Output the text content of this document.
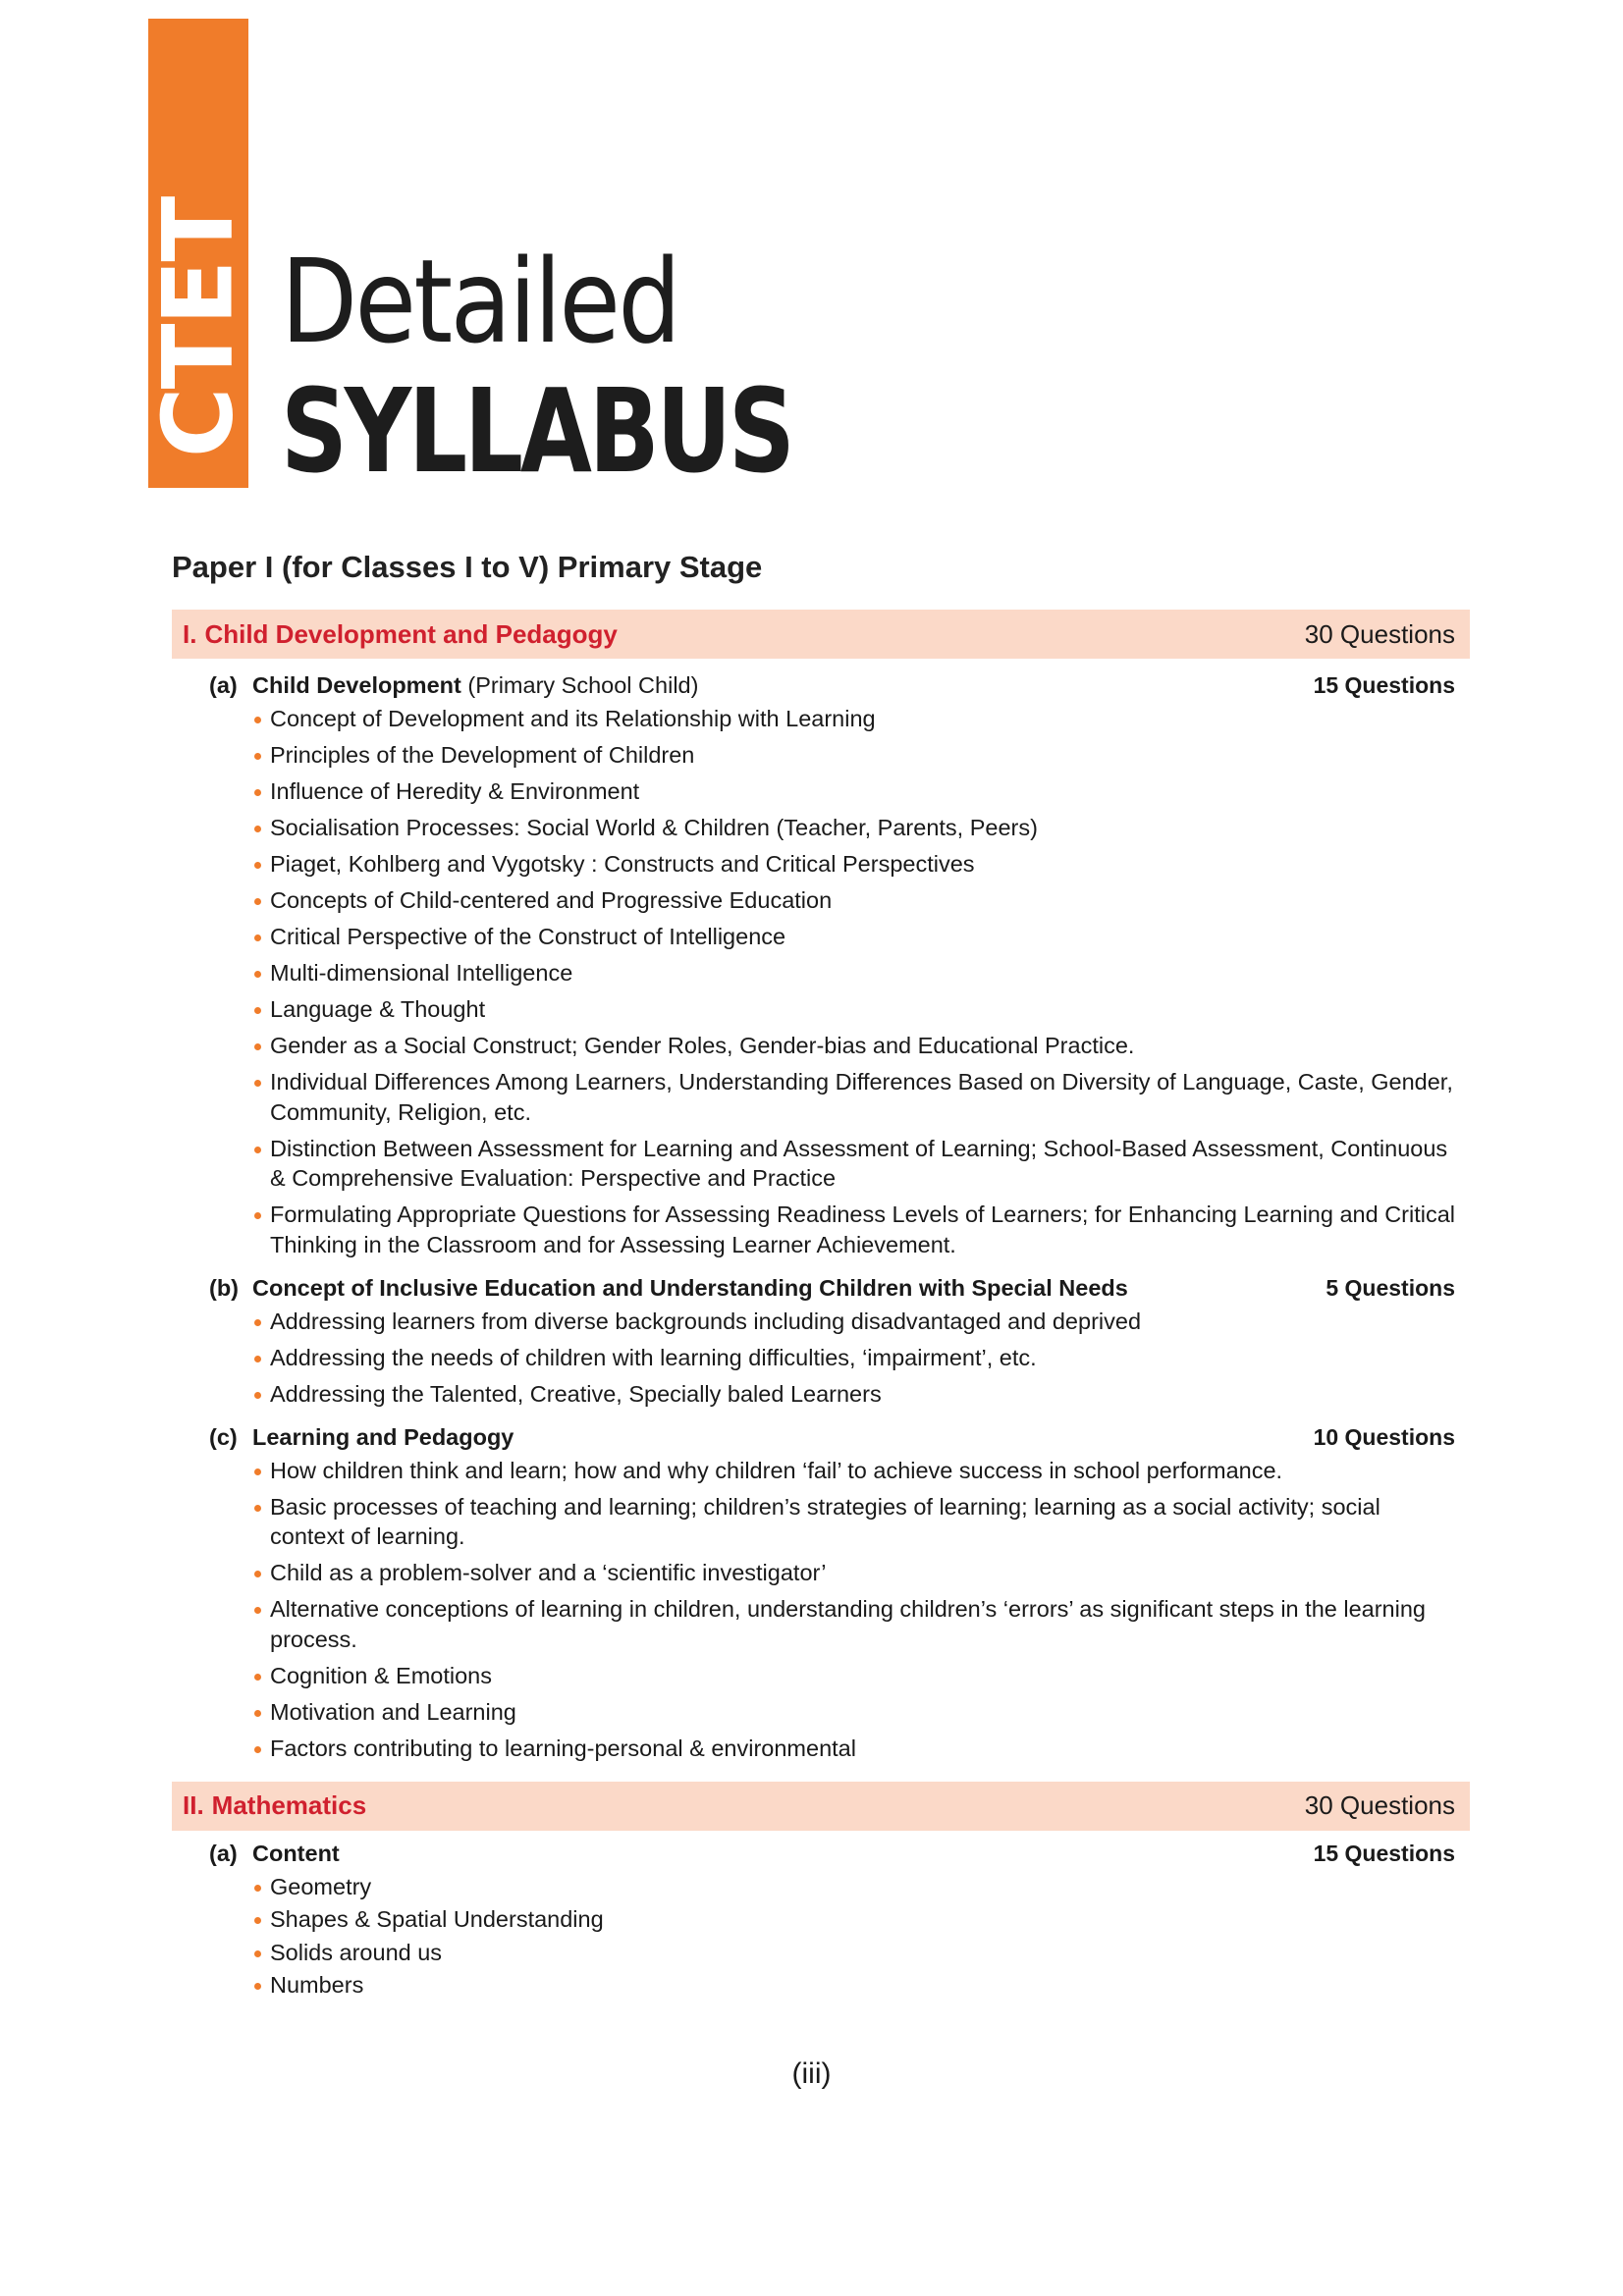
CTET Detailed
SYLLABUS
Paper I (for Classes I to V) Primary Stage
I. Child Development and Pedagogy	30 Questions
(a) Child Development (Primary School Child)	15 Questions
Concept of Development and its Relationship with Learning
Principles of the Development of Children
Influence of Heredity & Environment
Socialisation Processes: Social World & Children (Teacher, Parents, Peers)
Piaget, Kohlberg and Vygotsky : Constructs and Critical Perspectives
Concepts of Child-centered and Progressive Education
Critical Perspective of the Construct of Intelligence
Multi-dimensional Intelligence
Language & Thought
Gender as a Social Construct; Gender Roles, Gender-bias and Educational Practice.
Individual Differences Among Learners, Understanding Differences Based on Diversity of Language, Caste, Gender, Community, Religion, etc.
Distinction Between Assessment for Learning and Assessment of Learning; School-Based Assessment, Continuous & Comprehensive Evaluation: Perspective and Practice
Formulating Appropriate Questions for Assessing Readiness Levels of Learners; for Enhancing Learning and Critical Thinking in the Classroom and for Assessing Learner Achievement.
(b) Concept of Inclusive Education and Understanding Children with Special Needs	5 Questions
Addressing learners from diverse backgrounds including disadvantaged and deprived
Addressing the needs of children with learning difficulties, ‘impairment’, etc.
Addressing the Talented, Creative, Specially baled Learners
(c) Learning and Pedagogy	10 Questions
How children think and learn; how and why children ‘fail’ to achieve success in school performance.
Basic processes of teaching and learning; children’s strategies of learning; learning as a social activity; social context of learning.
Child as a problem-solver and a ‘scientific investigator’
Alternative conceptions of learning in children, understanding children’s ‘errors’ as significant steps in the learning process.
Cognition & Emotions
Motivation and Learning
Factors contributing to learning-personal & environmental
II. Mathematics	30 Questions
(a) Content	15 Questions
Geometry
Shapes & Spatial Understanding
Solids around us
Numbers
(iii)
